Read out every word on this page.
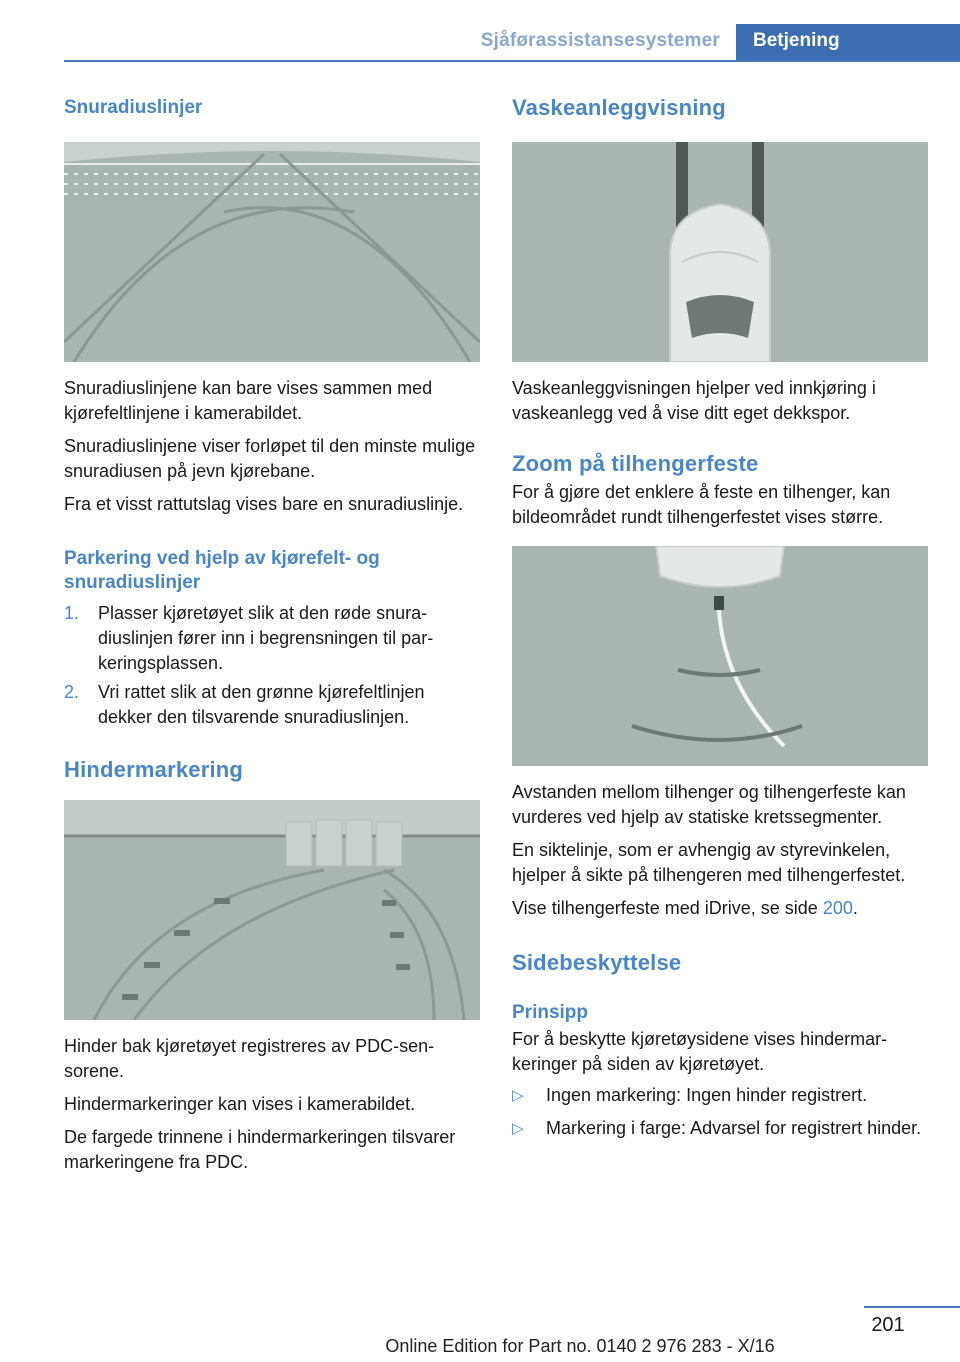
Sjåførassistansesystemer	Betjening
Snuradiuslinjer

Snuradiuslinjene kan bare vises sammen med kjørefeltlinjene i kamerabildet.

Snuradiuslinjene viser forløpet til den minste mulige snuradiusen på jevn kjørebane.

Fra et visst rattutslag vises bare en snuradiuslinje.

Parkering ved hjelp av kjørefelt- og snuradiuslinjer
1.	Plasser kjøretøyet slik at den røde snuradiuslinjen fører inn i begrensningen til parkeringsplassen.
2.	Vri rattet slik at den grønne kjørefeltlinjen dekker den tilsvarende snuradiuslinjen.
Hindermarkering

Hinder bak kjøretøyet registreres av PDC-sensorene.

Hindermarkeringer kan vises i kamerabildet.

De fargede trinnene i hindermarkeringen tilsvarer markeringene fra PDC.

Vaskeanleggvisning

Vaskeanleggvisningen hjelper ved innkjøring i vaskeanlegg ved å vise ditt eget dekkspor.

Zoom på tilhengerfeste

For å gjøre det enklere å feste en tilhenger, kan bildeområdet rundt tilhengerfestet vises større.

Avstanden mellom tilhenger og tilhengerfeste kan vurderes ved hjelp av statiske kretssegmenter.

En siktelinje, som er avhengig av styrevinkelen, hjelper å sikte på tilhengeren med tilhengerfestet.

Vise tilhengerfeste med iDrive, se side 200.

Sidebeskyttelse
Prinsipp

For å beskytte kjøretøysidene vises hindermarkeringer på siden av kjøretøyet.

▷	Ingen markering: Ingen hinder registrert.
▷	Markering i farge: Advarsel for registrert hinder.
201
Online Edition for Part no. 0140 2 976 283 - X/16
